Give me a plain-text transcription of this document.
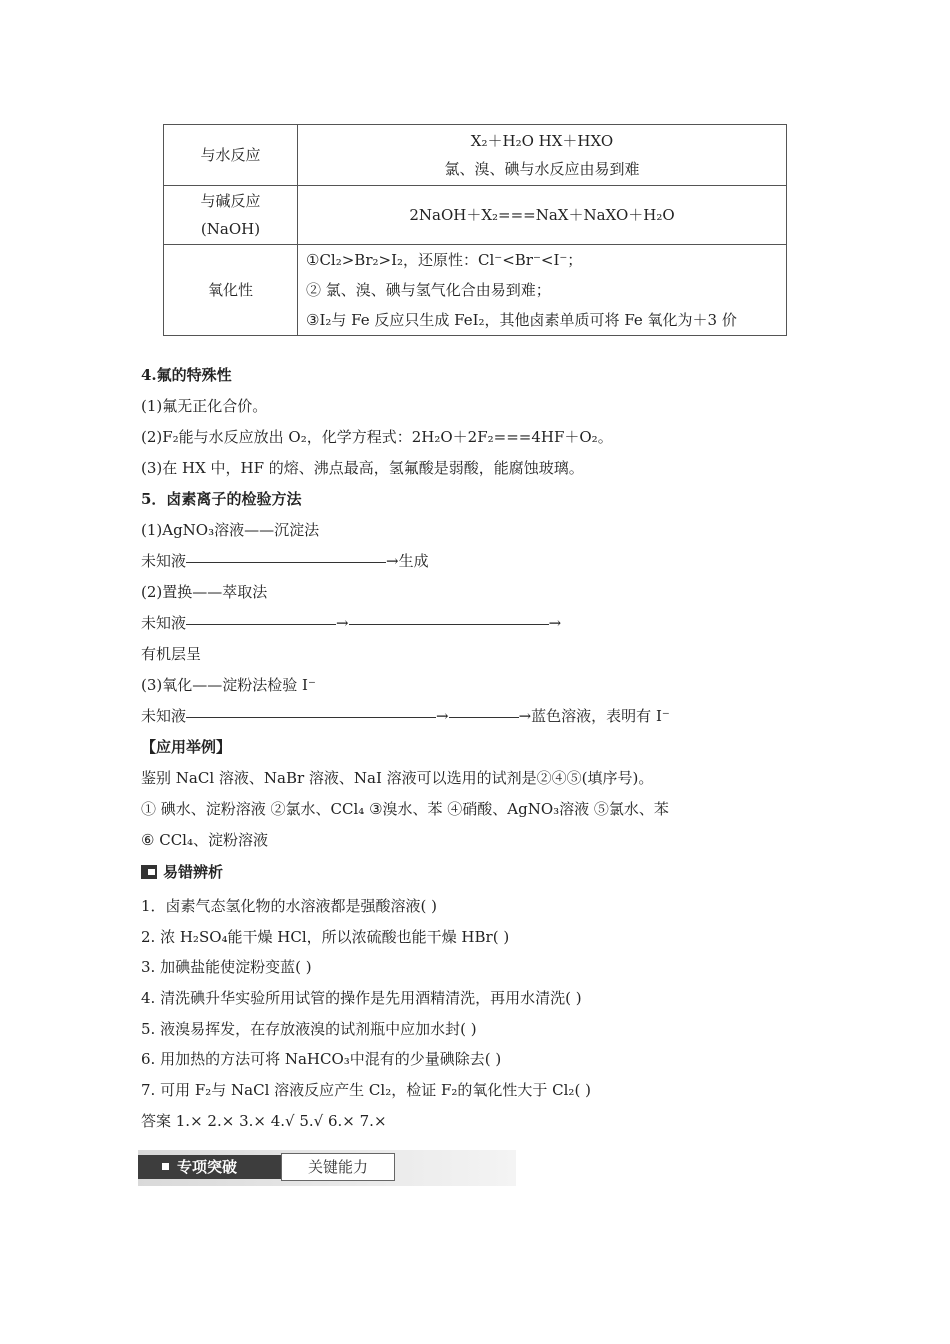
与水反应	X₂＋H₂O HX＋HXO
氯、溴、碘与水反应由易到难

与碱反应
(NaOH)	2NaOH＋X₂===NaX＋NaXO＋H₂O
氧化性	①Cl₂>Br₂>I₂，还原性：Cl⁻<Br⁻<I⁻；
② 氯、溴、碘与氢气化合由易到难；
③I₂与 Fe 反应只生成 FeI₂，其他卤素单质可将 Fe 氧化为＋3 价
4.氟的特殊性
(1)氟无正化合价。
(2)F₂能与水反应放出 O₂，化学方程式：2H₂O＋2F₂===4HF＋O₂。
(3)在 HX 中，HF 的熔、沸点最高，氢氟酸是弱酸，能腐蚀玻璃。
5．卤素离子的检验方法
(1)AgNO₃溶液——沉淀法
未知液	→生成
(2)置换——萃取法
未知液	→	→
有机层呈
(3)氧化——淀粉法检验 I⁻
未知液	→	→蓝色溶液，表明有 I⁻
【应用举例】
鉴别 NaCl 溶液、NaBr 溶液、NaI 溶液可以选用的试剂是②④⑤(填序号)。
① 碘水、淀粉溶液 ②氯水、CCl₄ ③溴水、苯 ④硝酸、AgNO₃溶液 ⑤氯水、苯
⑥ CCl₄、淀粉溶液
易错辨析
1．卤素气态氢化物的水溶液都是强酸溶液( )
2. 浓 H₂SO₄能干燥 HCl，所以浓硫酸也能干燥 HBr( )
3. 加碘盐能使淀粉变蓝( )
4. 清洗碘升华实验所用试管的操作是先用酒精清洗，再用水清洗( )
5. 液溴易挥发，在存放液溴的试剂瓶中应加水封( )
6. 用加热的方法可将 NaHCO₃中混有的少量碘除去( )
7. 可用 F₂与 NaCl 溶液反应产生 Cl₂，检证 F₂的氧化性大于 Cl₂( )
答案 1.× 2.× 3.× 4.√ 5.√ 6.× 7.×
专项突破	关键能力
